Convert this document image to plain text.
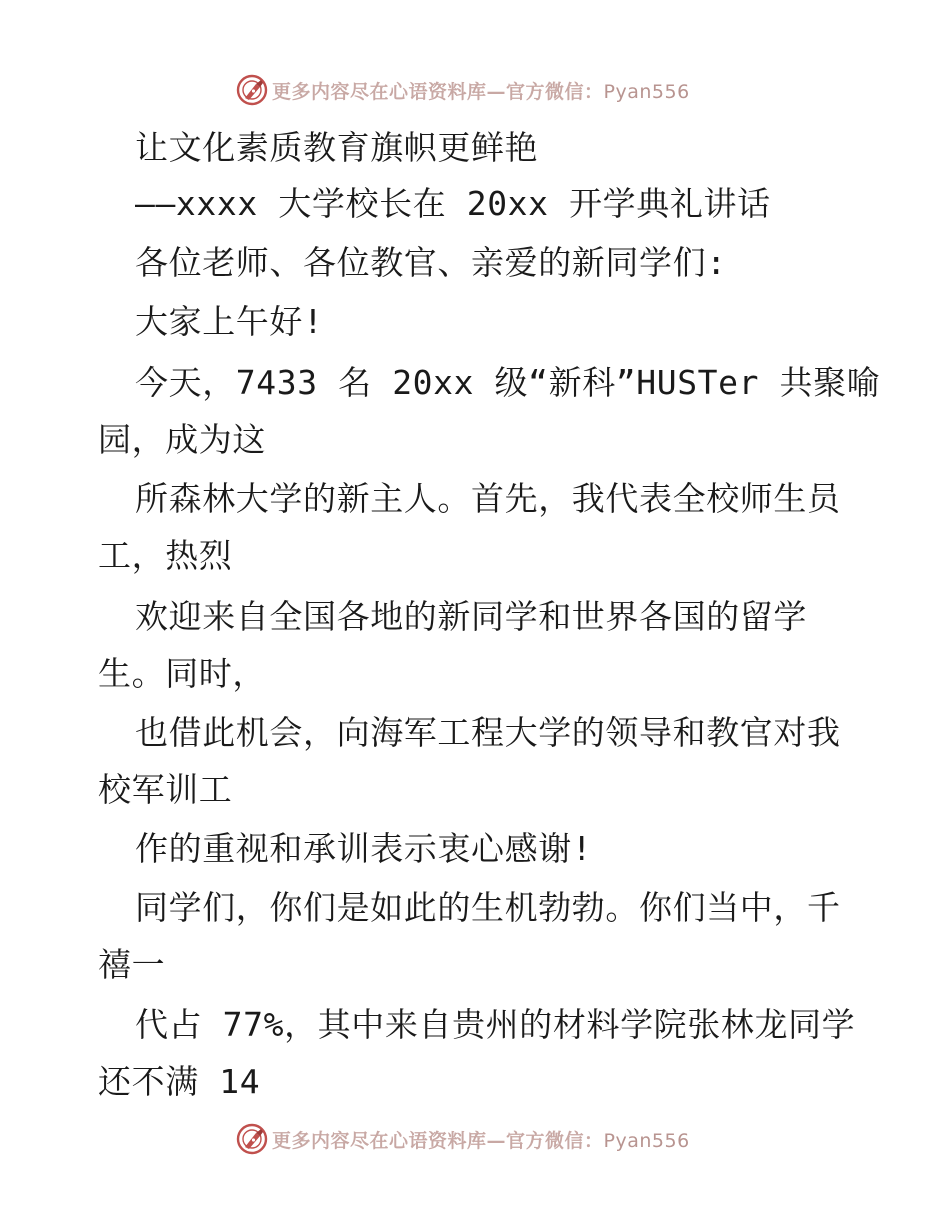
更多内容尽在心语资料库—官方微信：Pyan556
让文化素质教育旗帜更鲜艳
——xxxx 大学校长在 20xx 开学典礼讲话
各位老师、各位教官、亲爱的新同学们:
大家上午好!
今天，7433 名 20xx 级“新科”HUSTer 共聚喻
园，成为这
所森林大学的新主人。首先，我代表全校师生员
工，热烈
欢迎来自全国各地的新同学和世界各国的留学
生。同时，
也借此机会，向海军工程大学的领导和教官对我
校军训工
作的重视和承训表示衷心感谢!
同学们，你们是如此的生机勃勃。你们当中，千
禧一
代占 77%，其中来自贵州的材料学院张林龙同学
还不满 14
更多内容尽在心语资料库—官方微信：Pyan556
